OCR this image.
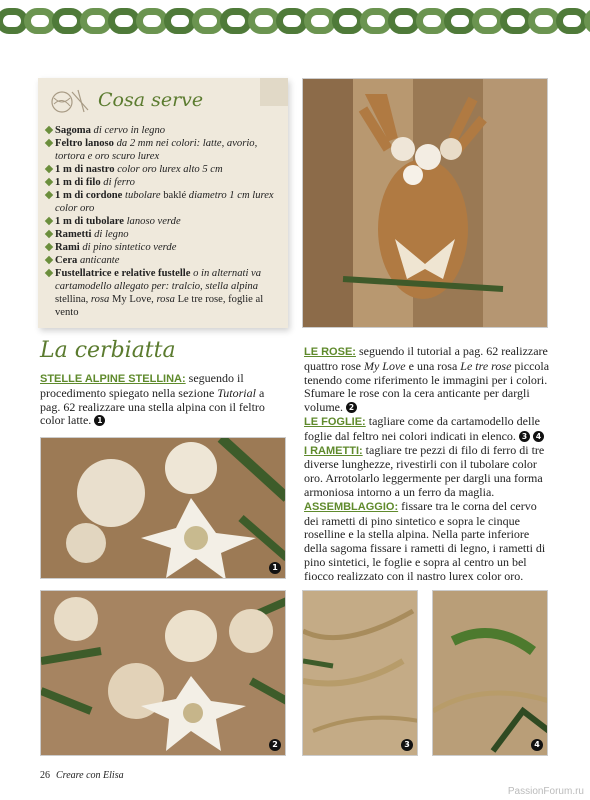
Cosa serve
Sagoma di cervo in legno
Feltro lanoso da 2 mm nei colori: latte, avorio, tortora e oro scuro lurex
1 m di nastro color oro lurex alto 5 cm
1 m di filo di ferro
1 m di cordone tubolare baklé diametro 1 cm lurex color oro
1 m di tubolare lanoso verde
Rametti di legno
Rami di pino sintetico verde
Cera anticante
Fustellatrice e relative fustelle o in alternati va cartamodello allegato per: tralcio, stella alpina stellina, rosa My Love, rosa Le tre rose, foglie al vento
La cerbiatta

STELLE ALPINE STELLINA: seguendo il procedimento spiegato nella sezione Tutorial a pag. 62 realizzare una stella alpina con il feltro color latte. 1

LE ROSE: seguendo il tutorial a pag. 62 realizzare quattro rose My Love e una rosa Le tre rose piccola tenendo come riferimento le immagini per i colori. Sfumare le rose con la cera anticante per dargli volume. 2

LE FOGLIE: tagliare come da cartamodello delle foglie dal feltro nei colori indicati in elenco. 3 4

I RAMETTI: tagliare tre pezzi di filo di ferro di tre diverse lunghezze, rivestirli con il tubolare color oro. Arrotolarlo leggermente per dargli una forma armoniosa intorno a un ferro da maglia.

ASSEMBLAGGIO: fissare tra le corna del cervo dei rametti di pino sintetico e sopra le cinque roselline e la stella alpina. Nella parte inferiore della sagoma fissare i rametti di legno, i rametti di pino sintetici, le foglie e sopra al centro un bel fiocco realizzato con il nastro lurex color oro.

1
2	3	4
26 Creare con Elisa
PassionForum.ru
